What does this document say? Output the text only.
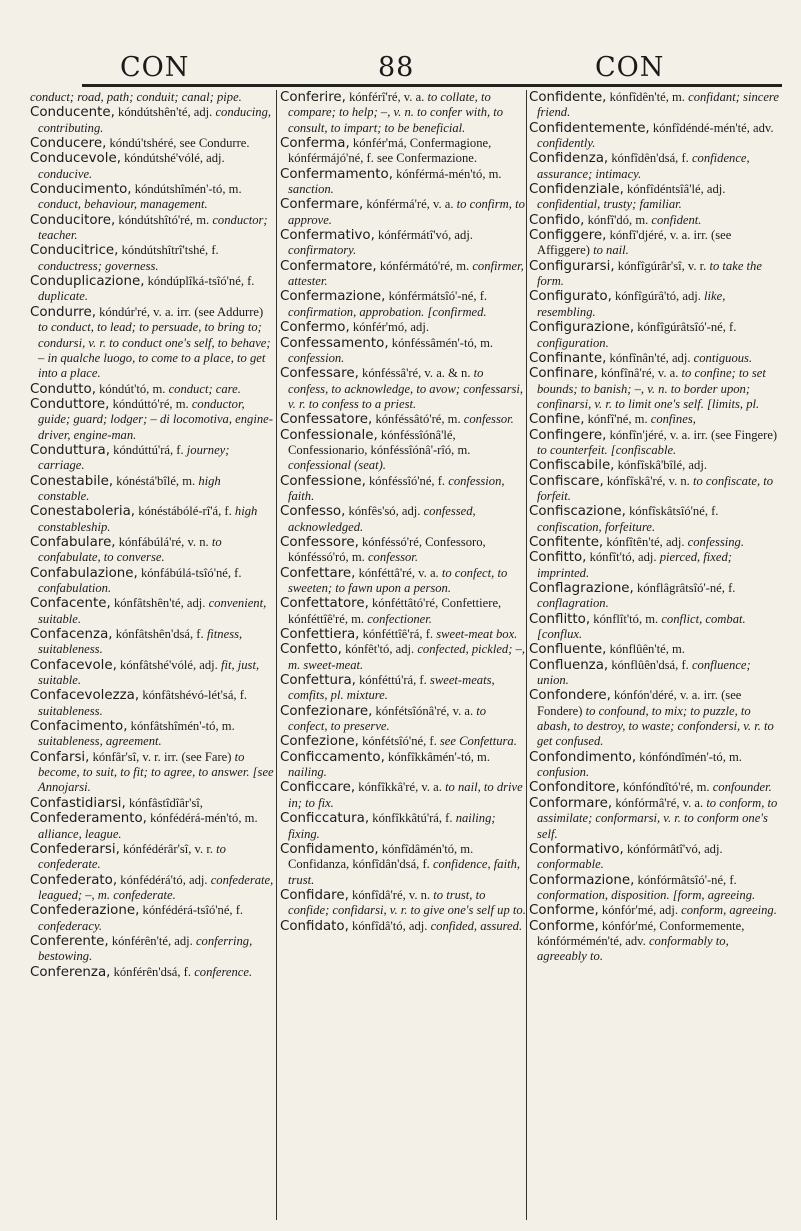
CON	88	CON

conduct; road, path; conduit; canal; pipe.

Conducente, kóndútshên'té, adj. conducing, contributing.

Conducere, kóndú'tshéré, see Condurre.

Conducevole, kóndútshé'vólé, adj. conducive.

Conducimento, kóndútshîmén'-tó, m. conduct, behaviour, management.

Conducitore, kóndútshîtó'ré, m. conductor; teacher.

Conducitrice, kóndútshîtrî'tshé, f. conductress; governess.

Conduplicazione, kóndúplîká-tsîó'né, f. duplicate.

Condurre, kóndúr'ré, v. a. irr. (see Addurre) to conduct, to lead; to persuade, to bring to; condursi, v. r. to conduct one's self, to behave; – in qualche luogo, to come to a place, to get into a place.

Condutto, kóndút'tó, m. conduct; care.

Conduttore, kóndúttó'ré, m. conductor, guide; guard; lodger; – di locomotiva, engine-driver, engine-man.

Conduttura, kóndúttú'rá, f. journey; carriage.

Conestabile, kónéstá'bîlé, m. high constable.

Conestaboleria, kónéstábólé-rî'á, f. high constableship.

Confabulare, kónfábúlá'ré, v. n. to confabulate, to converse.

Confabulazione, kónfábúlá-tsîó'né, f. confabulation.

Confacente, kónfâtshên'té, adj. convenient, suitable.

Confacenza, kónfâtshên'dsá, f. fitness, suitableness.

Confacevole, kónfâtshé'vólé, adj. fit, just, suitable.

Confacevolezza, kónfâtshévó-lét'sá, f. suitableness.

Confacimento, kónfâtshîmén'-tó, m. suitableness, agreement.

Confarsi, kónfâr'sî, v. r. irr. (see Fare) to become, to suit, to fit; to agree, to answer. [see Annojarsi.

Confastidiarsi, kónfâstîdîâr'sî,

Confederamento, kónfédérá-mén'tó, m. alliance, league.

Confederarsi, kónfédérâr'sî, v. r. to confederate.

Confederato, kónfédérá'tó, adj. confederate, leagued; –, m. confederate.

Confederazione, kónfédérá-tsîó'né, f. confederacy.

Conferente, kónférên'té, adj. conferring, bestowing.

Conferenza, kónférên'dsá, f. conference.

Conferire, kónférî'ré, v. a. to collate, to compare; to help; –, v. n. to confer with, to consult, to impart; to be beneficial.

Conferma, kónfér'má, Confermagione, kónférmájó'né, f. see Confermazione.

Confermamento, kónférmá-mén'tó, m. sanction.

Confermare, kónférmá'ré, v. a. to confirm, to approve.

Confermativo, kónférmátî'vó, adj. confirmatory.

Confermatore, kónférmátó'ré, m. confirmer, attester.

Confermazione, kónférmátsîó'-né, f. confirmation, approbation. [confirmed.

Confermo, kónfér'mó, adj.

Confessamento, kónféssâmén'-tó, m. confession.

Confessare, kónféssâ'ré, v. a. & n. to confess, to acknowledge, to avow; confessarsi, v. r. to confess to a priest.

Confessatore, kónféssâtó'ré, m. confessor.

Confessionale, kónféssîónâ'lé, Confessionario, kónféssîónâ'-rîó, m. confessional (seat).

Confessione, kónféssîó'né, f. confession, faith.

Confesso, kónfês'só, adj. confessed, acknowledged.

Confessore, kónféssó'ré, Confessoro, kónféssó'ró, m. confessor.

Confettare, kónféttâ'ré, v. a. to confect, to sweeten; to fawn upon a person.

Confettatore, kónféttâtó'ré, Confettiere, kónféttîê'ré, m. confectioner.

Confettiera, kónféttîê'rá, f. sweet-meat box.

Confetto, kónfêt'tó, adj. confected, pickled; –, m. sweet-meat.

Confettura, kónféttú'rá, f. sweet-meats, comfits, pl. mixture.

Confezionare, kónfétsîónâ'ré, v. a. to confect, to preserve.

Confezione, kónfétsîó'né, f. see Confettura.

Conficcamento, kónfîkkâmén'-tó, m. nailing.

Conficcare, kónfîkkâ'ré, v. a. to nail, to drive in; to fix.

Conficcatura, kónfîkkâtú'rá, f. nailing; fixing.

Confidamento, kónfîdâmén'tó, m. Confidanza, kónfîdân'dsá, f. confidence, faith, trust.

Confidare, kónfîdâ'ré, v. n. to trust, to confide; confidarsi, v. r. to give one's self up to.

Confidato, kónfîdâ'tó, adj. confided, assured.

Confidente, kónfîdên'té, m. confidant; sincere friend.

Confidentemente, kónfîdéndé-mén'té, adv. confidently.

Confidenza, kónfîdên'dsá, f. confidence, assurance; intimacy.

Confidenziale, kónfîdéntsîâ'lé, adj. confidential, trusty; familiar.

Confido, kónfî'dó, m. confident.

Configgere, kónfî'djéré, v. a. irr. (see Affiggere) to nail.

Configurarsi, kónfîgúrâr'sî, v. r. to take the form.

Configurato, kónfîgúrâ'tó, adj. like, resembling.

Configurazione, kónfîgúrâtsîó'-né, f. configuration.

Confinante, kónfînân'té, adj. contiguous.

Confinare, kónfînâ'ré, v. a. to confine; to set bounds; to banish; –, v. n. to border upon; confinarsi, v. r. to limit one's self. [limits, pl.

Confine, kónfî'né, m. confines,

Confingere, kónfîn'jéré, v. a. irr. (see Fingere) to counterfeit. [confiscable.

Confiscabile, kónfîskâ'bîlé, adj.

Confiscare, kónfîskâ'ré, v. n. to confiscate, to forfeit.

Confiscazione, kónfîskâtsîó'né, f. confiscation, forfeiture.

Confitente, kónfîtên'té, adj. confessing.

Confitto, kónfît'tó, adj. pierced, fixed; imprinted.

Conflagrazione, kónflâgrâtsîó'-né, f. conflagration.

Conflitto, kónflît'tó, m. conflict, combat. [conflux.

Confluente, kónflûên'té, m.

Confluenza, kónflûên'dsá, f. confluence; union.

Confondere, kónfón'déré, v. a. irr. (see Fondere) to confound, to mix; to puzzle, to abash, to destroy, to waste; confondersi, v. r. to get confused.

Confondimento, kónfóndîmén'-tó, m. confusion.

Confonditore, kónfóndîtó'ré, m. confounder.

Conformare, kónfórmâ'ré, v. a. to conform, to assimilate; conformarsi, v. r. to conform one's self.

Conformativo, kónfórmâtî'vó, adj. conformable.

Conformazione, kónfórmâtsîó'-né, f. conformation, disposition. [form, agreeing.

Conforme, kónfór'mé, adj. conform, agreeing.

Conforme, kónfór'mé, Conformemente, kónfórmémén'té, adv. conformably to, agreeably to.
